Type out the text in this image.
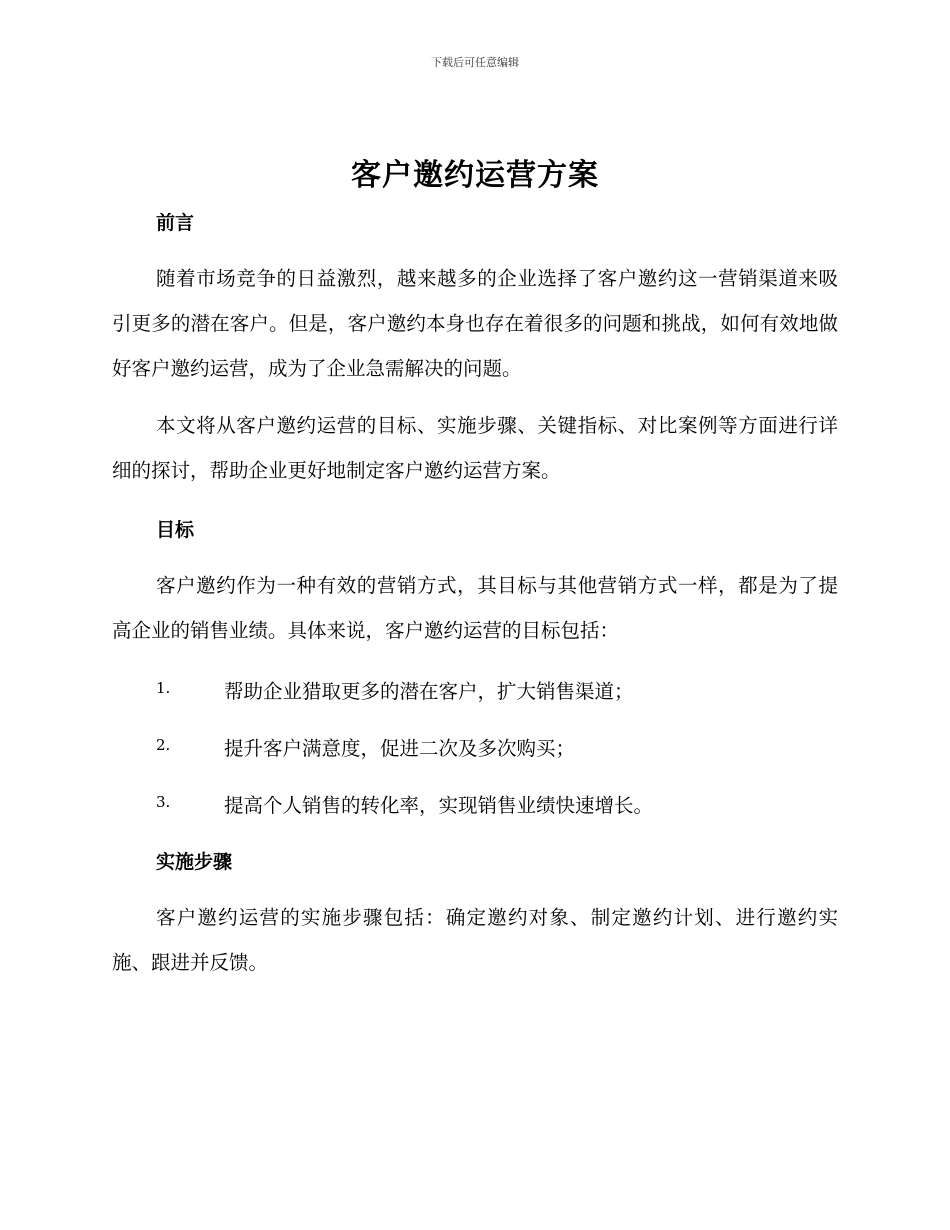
下载后可任意编辑
客户邀约运营方案
前言
随着市场竞争的日益激烈，越来越多的企业选择了客户邀约这一营销渠道来吸引更多的潜在客户。但是，客户邀约本身也存在着很多的问题和挑战，如何有效地做好客户邀约运营，成为了企业急需解决的问题。
本文将从客户邀约运营的目标、实施步骤、关键指标、对比案例等方面进行详细的探讨，帮助企业更好地制定客户邀约运营方案。
目标
客户邀约作为一种有效的营销方式，其目标与其他营销方式一样，都是为了提高企业的销售业绩。具体来说，客户邀约运营的目标包括：
1.	帮助企业猎取更多的潜在客户，扩大销售渠道；
2.	提升客户满意度，促进二次及多次购买；
3.	提高个人销售的转化率，实现销售业绩快速增长。
实施步骤
客户邀约运营的实施步骤包括：确定邀约对象、制定邀约计划、进行邀约实施、跟进并反馈。
